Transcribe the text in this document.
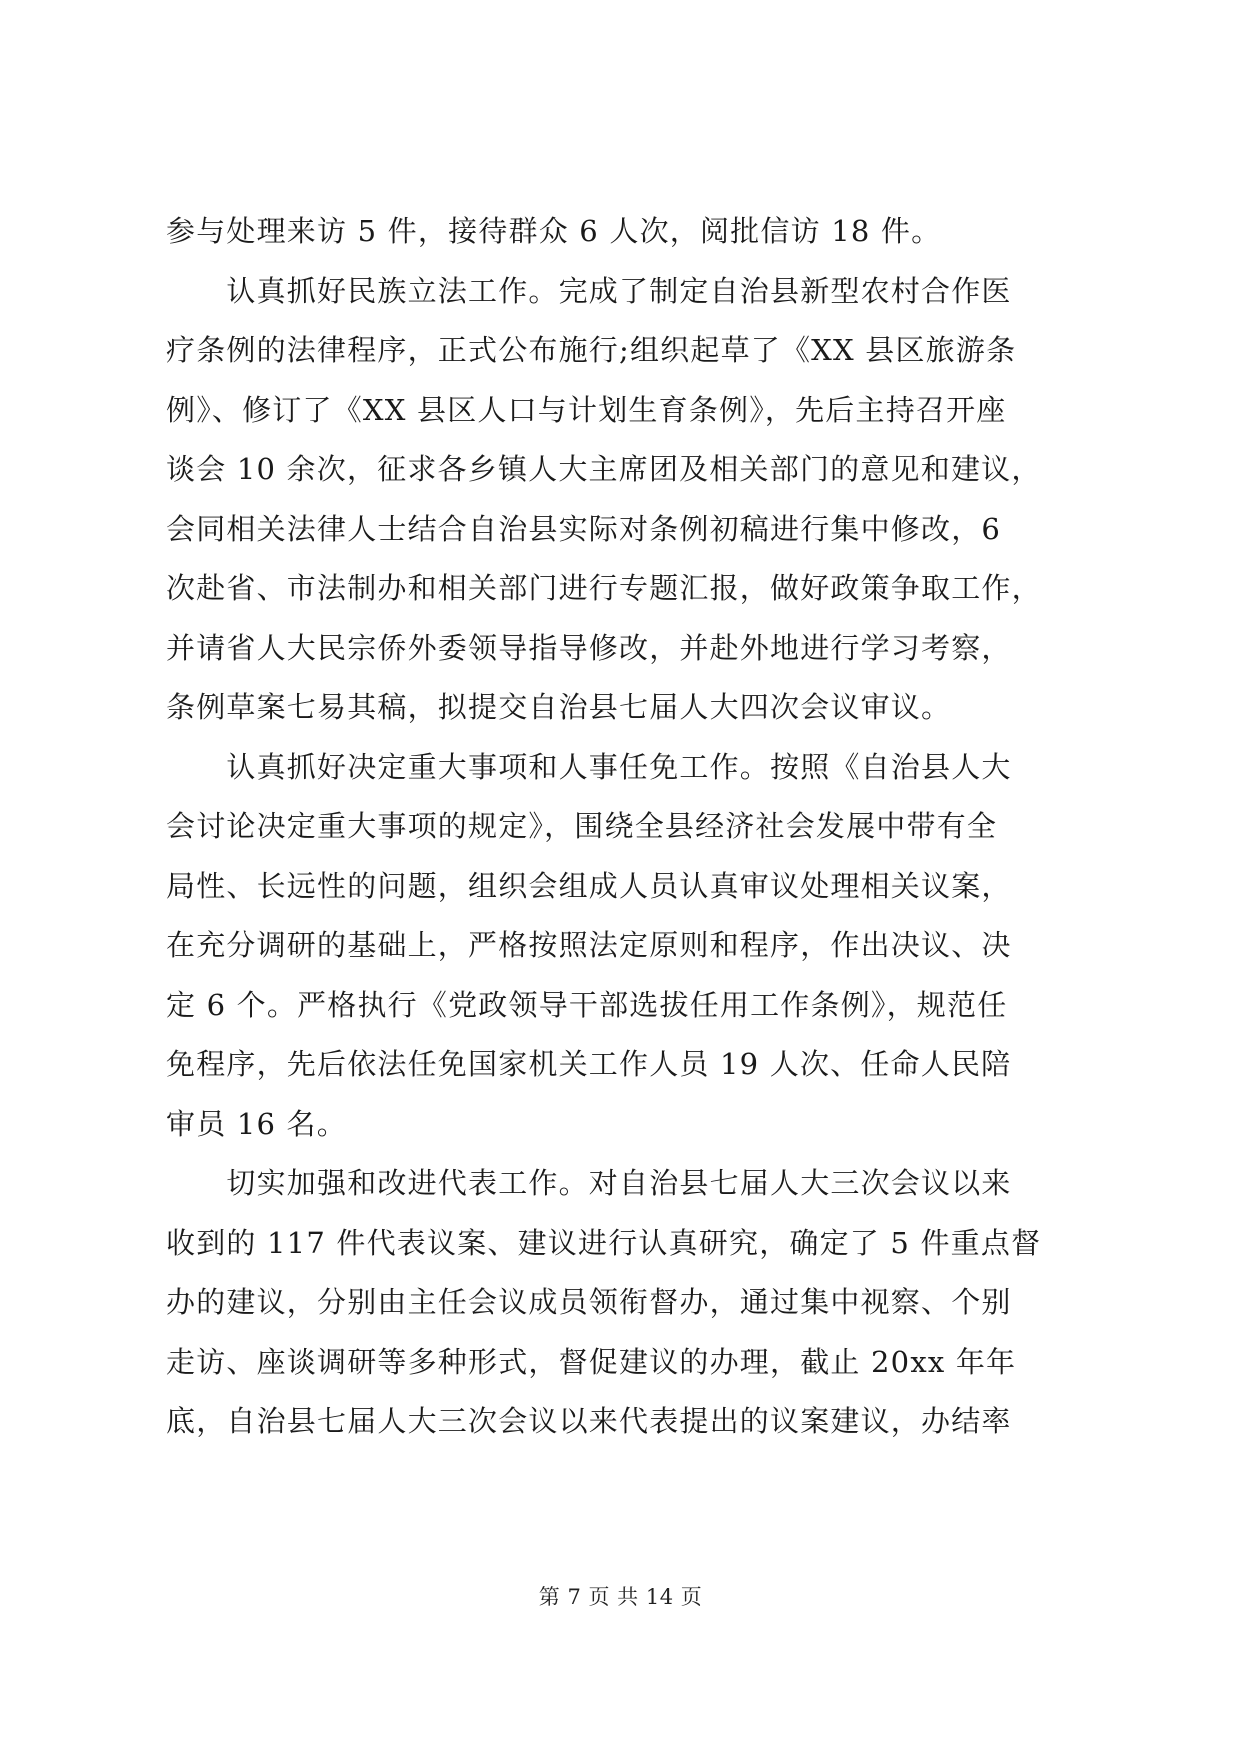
参与处理来访 5 件，接待群众 6 人次，阅批信访 18 件。
　　认真抓好民族立法工作。完成了制定自治县新型农村合作医
疗条例的法律程序，正式公布施行;组织起草了《XX 县区旅游条
例》、修订了《XX 县区人口与计划生育条例》，先后主持召开座
谈会 10 余次，征求各乡镇人大主席团及相关部门的意见和建议，
会同相关法律人士结合自治县实际对条例初稿进行集中修改，6
次赴省、市法制办和相关部门进行专题汇报，做好政策争取工作，
并请省人大民宗侨外委领导指导修改，并赴外地进行学习考察，
条例草案七易其稿，拟提交自治县七届人大四次会议审议。
　　认真抓好决定重大事项和人事任免工作。按照《自治县人大
会讨论决定重大事项的规定》，围绕全县经济社会发展中带有全
局性、长远性的问题，组织会组成人员认真审议处理相关议案，
在充分调研的基础上，严格按照法定原则和程序，作出决议、决
定 6 个。严格执行《党政领导干部选拔任用工作条例》，规范任
免程序，先后依法任免国家机关工作人员 19 人次、任命人民陪
审员 16 名。
　　切实加强和改进代表工作。对自治县七届人大三次会议以来
收到的 117 件代表议案、建议进行认真研究，确定了 5 件重点督
办的建议，分别由主任会议成员领衔督办，通过集中视察、个别
走访、座谈调研等多种形式，督促建议的办理，截止 20xx 年年
底，自治县七届人大三次会议以来代表提出的议案建议，办结率
第 7 页 共 14 页
